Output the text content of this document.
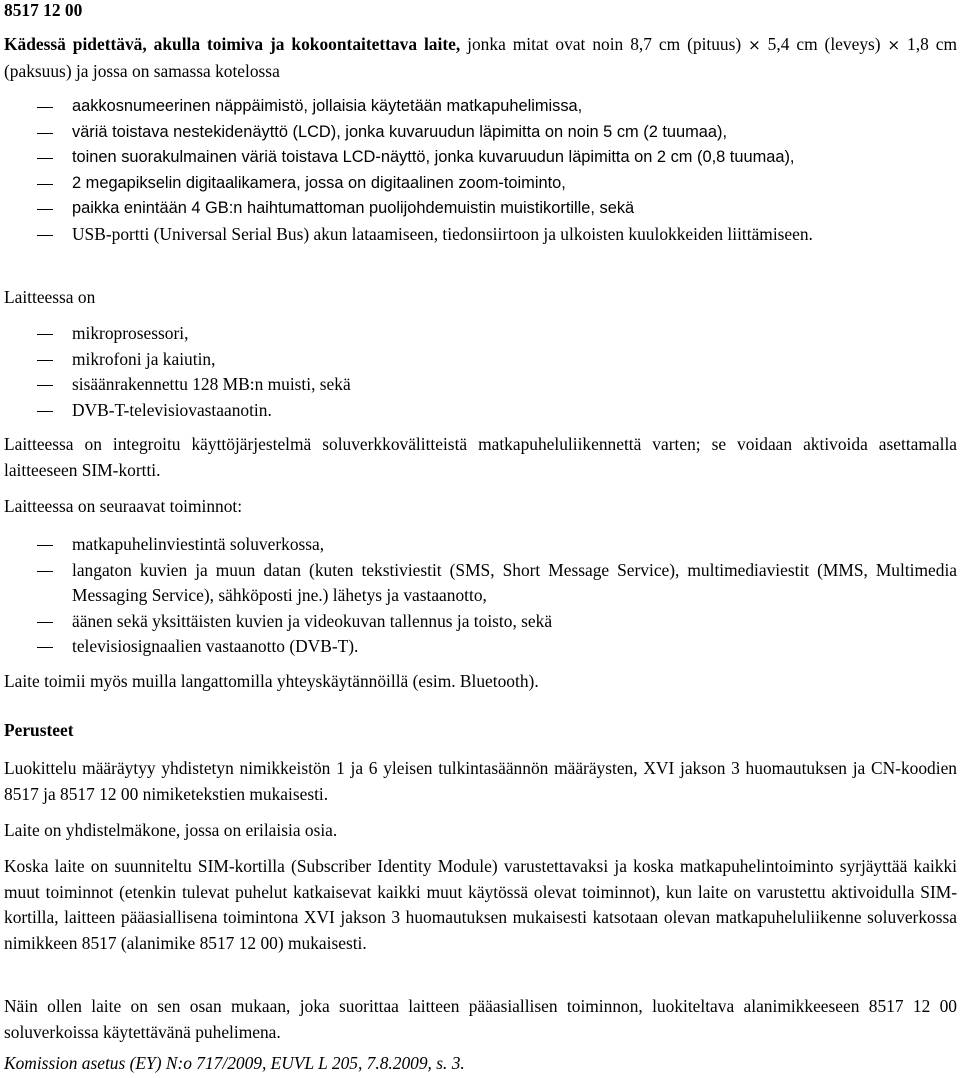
8517 12 00

Kädessä pidettävä, akulla toimiva ja kokoontaitettava laite, jonka mitat ovat noin 8,7 cm (pituus) × 5,4 cm (leveys) × 1,8 cm (paksuus) ja jossa on samassa kotelossa

aakkosnumeerinen näppäimistö, jollaisia käytetään matkapuhelimissa,
väriä toistava nestekidenäyttö (LCD), jonka kuvaruudun läpimitta on noin 5 cm (2 tuumaa),
toinen suorakulmainen väriä toistava LCD-näyttö, jonka kuvaruudun läpimitta on 2 cm (0,8 tuumaa),
2 megapikselin digitaalikamera, jossa on digitaalinen zoom-toiminto,
paikka enintään 4 GB:n haihtumattoman puolijohdemuistin muistikortille, sekä
USB-portti (Universal Serial Bus) akun lataamiseen, tiedonsiirtoon ja ulkoisten kuulokkeiden liittämiseen.

Laitteessa on

mikroprosessori,
mikrofoni ja kaiutin,
sisäänrakennettu 128 MB:n muisti, sekä
DVB-T-televisiovastaanotin.

Laitteessa on integroitu käyttöjärjestelmä soluverkkovälitteistä matkapuheluliikennettä varten; se voidaan aktivoida asettamalla laitteeseen SIM-kortti.

Laitteessa on seuraavat toiminnot:

matkapuhelinviestintä soluverkossa,
langaton kuvien ja muun datan (kuten tekstiviestit (SMS, Short Message Service), multimediaviestit (MMS, Multimedia Messaging Service), sähköposti jne.) lähetys ja vastaanotto,
äänen sekä yksittäisten kuvien ja videokuvan tallennus ja toisto, sekä
televisiosignaalien vastaanotto (DVB-T).

Laite toimii myös muilla langattomilla yhteyskäytännöillä (esim. Bluetooth).

Perusteet

Luokittelu määräytyy yhdistetyn nimikkeistön 1 ja 6 yleisen tulkintasäännön määräysten, XVI jakson 3 huomautuksen ja CN-koodien 8517 ja 8517 12 00 nimiketekstien mukaisesti.

Laite on yhdistelmäkone, jossa on erilaisia osia.

Koska laite on suunniteltu SIM-kortilla (Subscriber Identity Module) varustettavaksi ja koska matkapuhelintoiminto syrjäyttää kaikki muut toiminnot (etenkin tulevat puhelut katkaisevat kaikki muut käytössä olevat toiminnot), kun laite on varustettu aktivoidulla SIM-kortilla, laitteen pääasiallisena toimintona XVI jakson 3 huomautuksen mukaisesti katsotaan olevan matkapuheluliikenne soluverkossa nimikkeen 8517 (alanimike 8517 12 00) mukaisesti.

Näin ollen laite on sen osan mukaan, joka suorittaa laitteen pääasiallisen toiminnon, luokiteltava alanimikkeeseen 8517 12 00 soluverkoissa käytettävänä puhelimena.

Komission asetus (EY) N:o 717/2009, EUVL L 205, 7.8.2009, s. 3.
